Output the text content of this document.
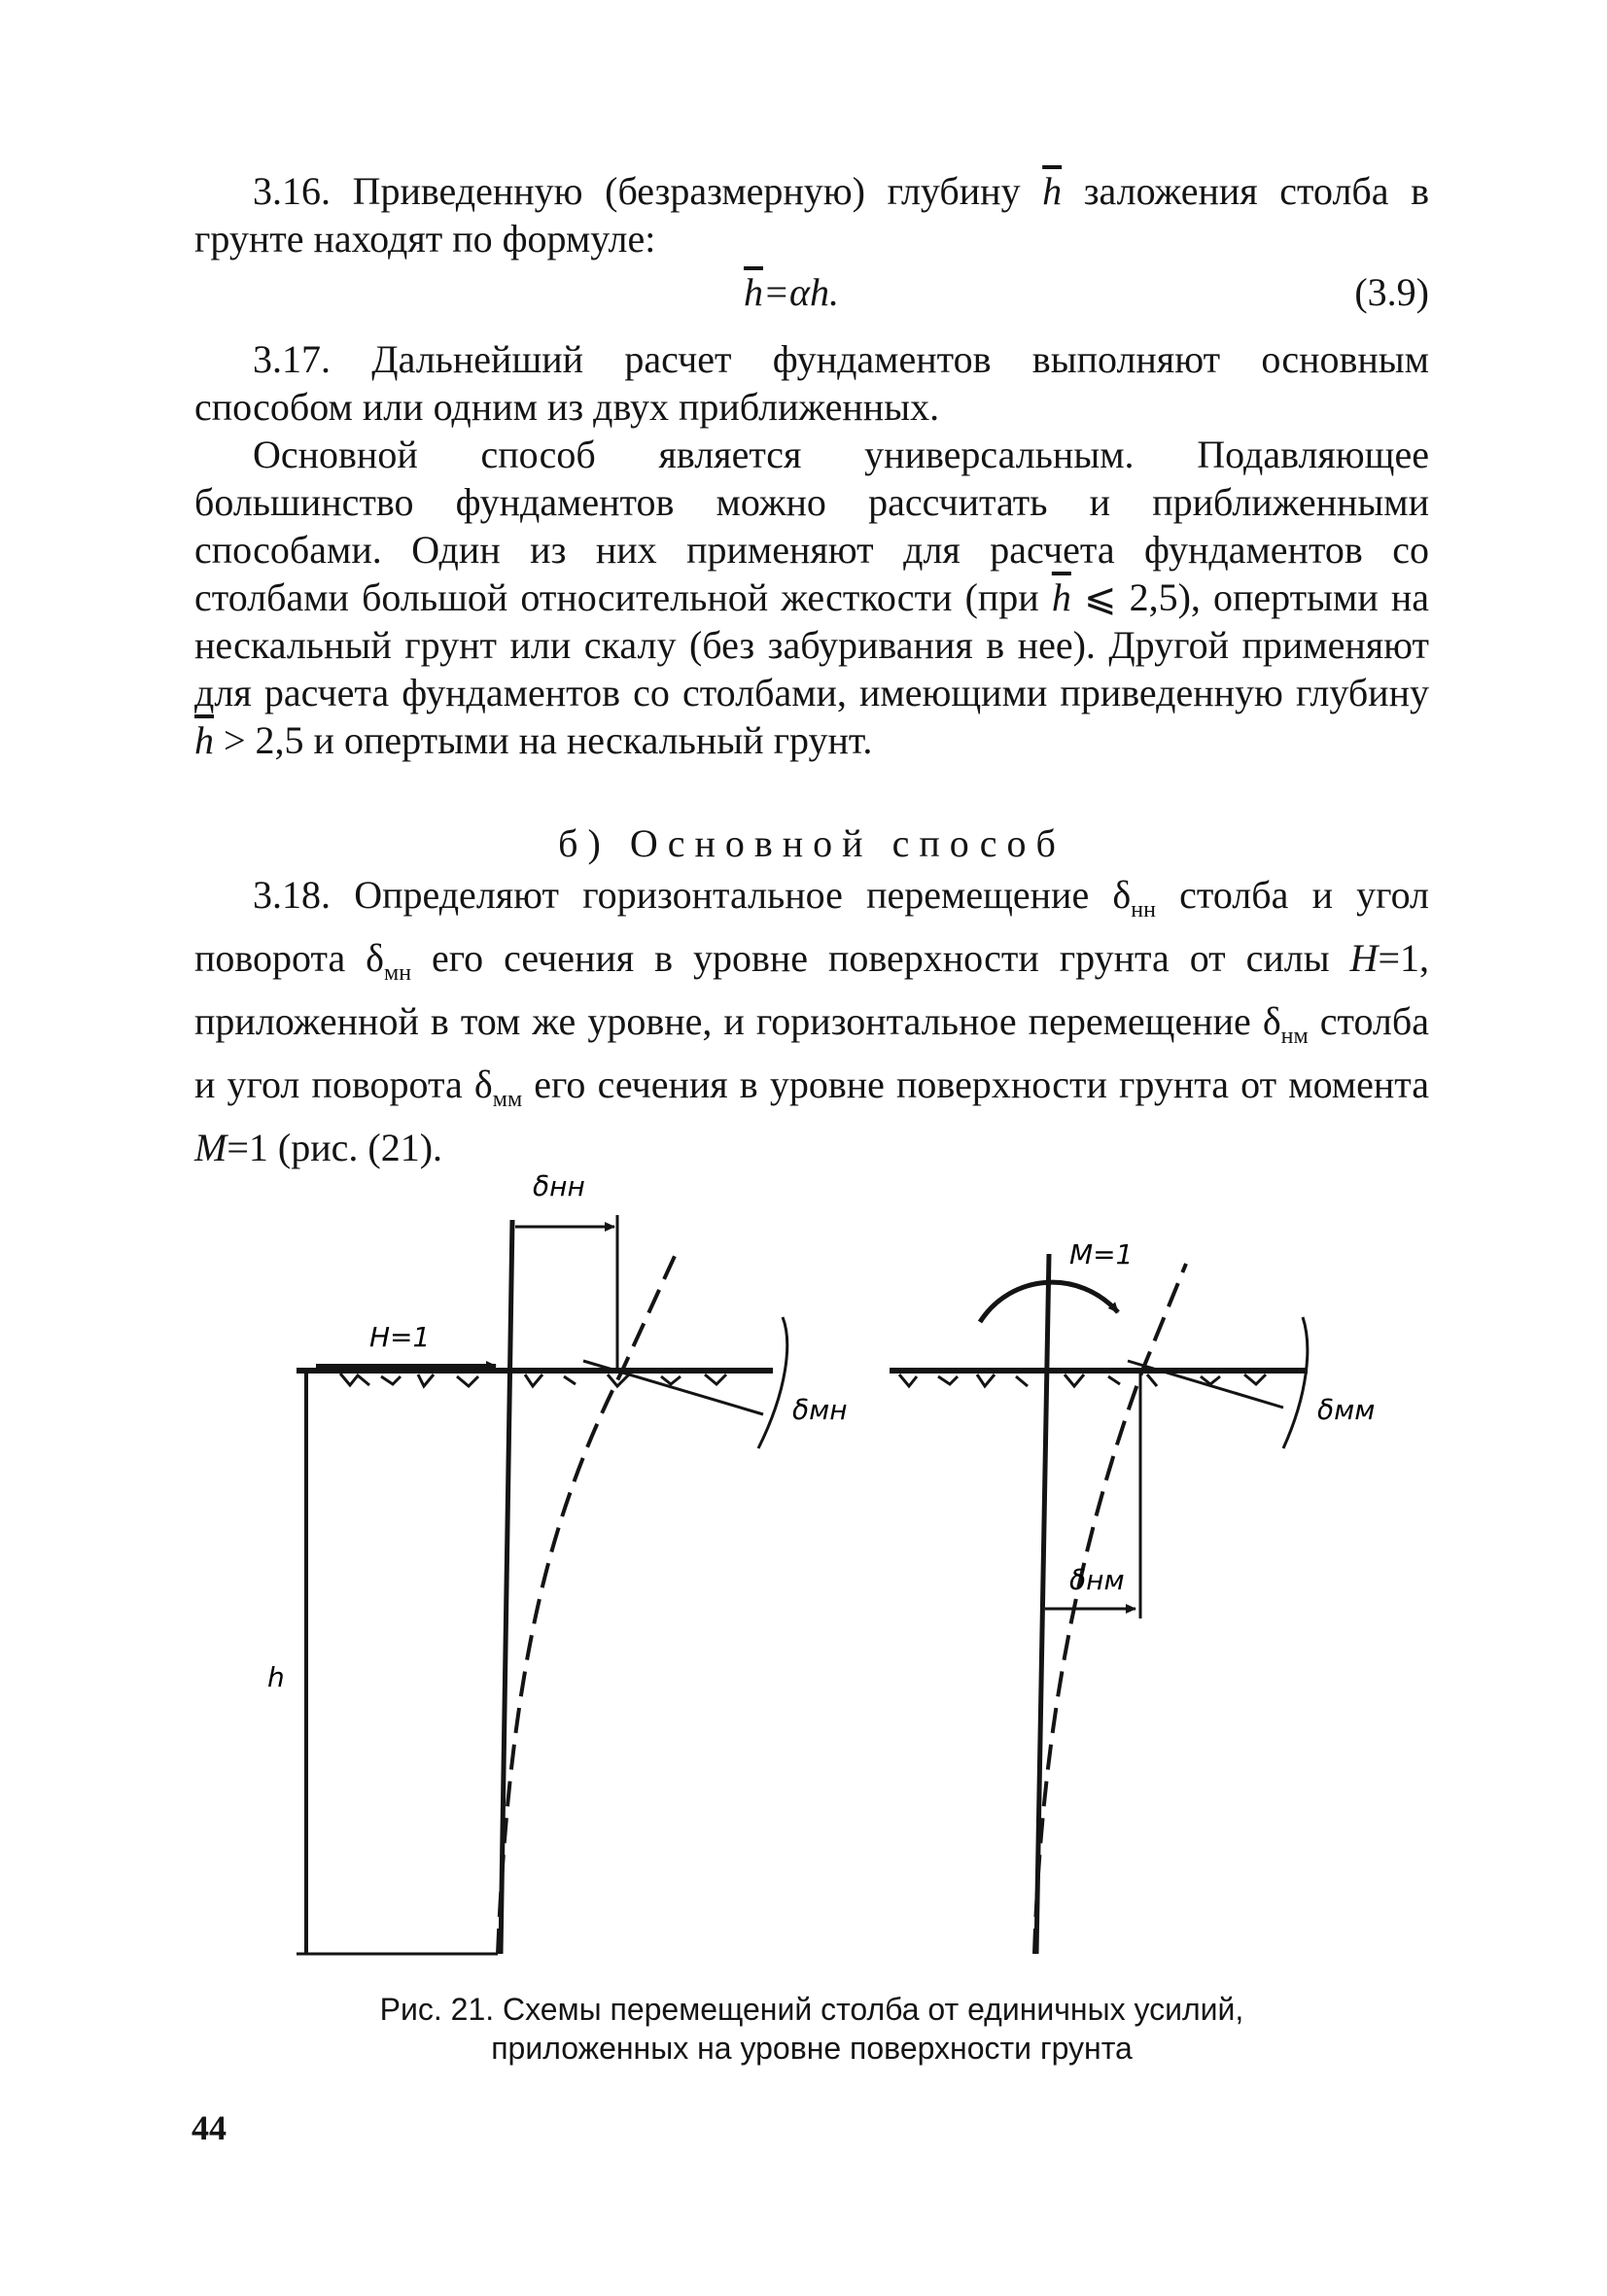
3.16. Приведенную (безразмерную) глубину $\overline{h}$ заложения столба в грунте находят по формуле:

$\overline{h}=\alpha h$.	(3.9)

3.17. Дальнейший расчет фундаментов выполняют основным способом или одним из двух приближенных.

Основной способ является универсальным. Подавляющее большинство фундаментов можно рассчитать и приближенными способами. Один из них применяют для расчета фундаментов со столбами большой относительной жесткости (при $\overline{h}$ ⩽ 2,5), опертыми на нескальный грунт или скалу (без забуривания в нее). Другой применяют для расчета фундаментов со столбами, имеющими приведенную глубину $\overline{h} > 2,5$ и опертыми на нескальный грунт.

б) Основной способ

3.18. Определяют горизонтальное перемещение $\delta_{нн}$ столба и угол поворота $\delta_{мн}$ его сечения в уровне поверхности грунта от силы H=1, приложенной в том же уровне, и горизонтальное перемещение $\delta_{нм}$ столба и угол поворота $\delta_{мм}$ его сечения в уровне поверхности грунта от момента M=1 (рис. (21).

H=1
δнн
δмн
h
M=1
δмм
δнм
Рис. 21. Схемы перемещений столба от единичных усилий,
приложенных на уровне поверхности грунта
44
